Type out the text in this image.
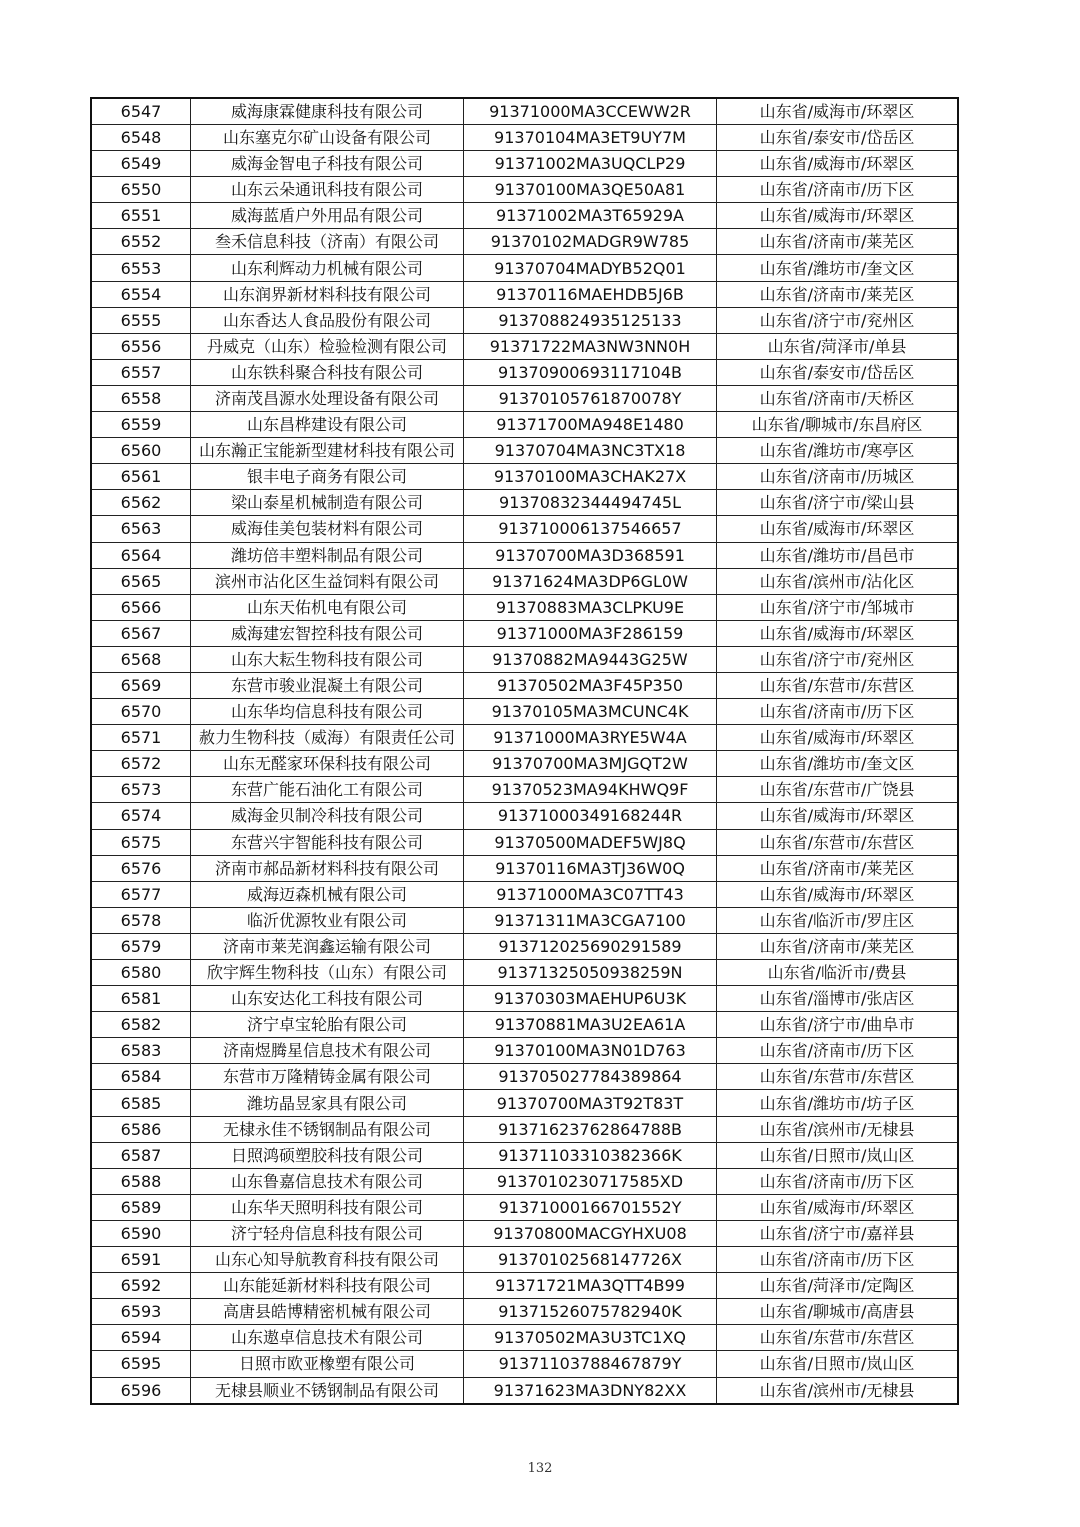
6547	威海康霖健康科技有限公司	91371000MA3CCEWW2R	山东省/威海市/环翠区
6548	山东塞克尔矿山设备有限公司	91370104MA3ET9UY7M	山东省/泰安市/岱岳区
6549	威海金智电子科技有限公司	91371002MA3UQCLP29	山东省/威海市/环翠区
6550	山东云朵通讯科技有限公司	91370100MA3QE50A81	山东省/济南市/历下区
6551	威海蓝盾户外用品有限公司	91371002MA3T65929A	山东省/威海市/环翠区
6552	叁禾信息科技（济南）有限公司	91370102MADGR9W785	山东省/济南市/莱芜区
6553	山东利辉动力机械有限公司	91370704MADYB52Q01	山东省/潍坊市/奎文区
6554	山东润界新材料科技有限公司	91370116MAEHDB5J6B	山东省/济南市/莱芜区
6555	山东香达人食品股份有限公司	913708824935125133	山东省/济宁市/兖州区
6556	丹威克（山东）检验检测有限公司	91371722MA3NW3NN0H	山东省/菏泽市/单县
6557	山东铁科聚合科技有限公司	91370900693117104B	山东省/泰安市/岱岳区
6558	济南茂昌源水处理设备有限公司	91370105761870078Y	山东省/济南市/天桥区
6559	山东昌桦建设有限公司	91371700MA948E1480	山东省/聊城市/东昌府区
6560	山东瀚正宝能新型建材科技有限公司	91370704MA3NC3TX18	山东省/潍坊市/寒亭区
6561	银丰电子商务有限公司	91370100MA3CHAK27X	山东省/济南市/历城区
6562	梁山泰星机械制造有限公司	91370832344494745L	山东省/济宁市/梁山县
6563	威海佳美包装材料有限公司	913710006137546657	山东省/威海市/环翠区
6564	潍坊倍丰塑料制品有限公司	91370700MA3D368591	山东省/潍坊市/昌邑市
6565	滨州市沾化区生益饲料有限公司	91371624MA3DP6GL0W	山东省/滨州市/沾化区
6566	山东天佑机电有限公司	91370883MA3CLPKU9E	山东省/济宁市/邹城市
6567	威海建宏智控科技有限公司	91371000MA3F286159	山东省/威海市/环翠区
6568	山东大耘生物科技有限公司	91370882MA9443G25W	山东省/济宁市/兖州区
6569	东营市骏业混凝土有限公司	91370502MA3F45P350	山东省/东营市/东营区
6570	山东华均信息科技有限公司	91370105MA3MCUNC4K	山东省/济南市/历下区
6571	赦力生物科技（威海）有限责任公司	91371000MA3RYE5W4A	山东省/威海市/环翠区
6572	山东无醛家环保科技有限公司	91370700MA3MJGQT2W	山东省/潍坊市/奎文区
6573	东营广能石油化工有限公司	91370523MA94KHWQ9F	山东省/东营市/广饶县
6574	威海金贝制冷科技有限公司	91371000349168244R	山东省/威海市/环翠区
6575	东营兴宇智能科技有限公司	91370500MADEF5WJ8Q	山东省/东营市/东营区
6576	济南市郝品新材料科技有限公司	91370116MA3TJ36W0Q	山东省/济南市/莱芜区
6577	威海迈森机械有限公司	91371000MA3C07TT43	山东省/威海市/环翠区
6578	临沂优源牧业有限公司	91371311MA3CGA7100	山东省/临沂市/罗庄区
6579	济南市莱芜润鑫运输有限公司	913712025690291589	山东省/济南市/莱芜区
6580	欣宇辉生物科技（山东）有限公司	91371325050938259N	山东省/临沂市/费县
6581	山东安达化工科技有限公司	91370303MAEHUP6U3K	山东省/淄博市/张店区
6582	济宁卓宝轮胎有限公司	91370881MA3U2EA61A	山东省/济宁市/曲阜市
6583	济南煜腾星信息技术有限公司	91370100MA3N01D763	山东省/济南市/历下区
6584	东营市万隆精铸金属有限公司	913705027784389864	山东省/东营市/东营区
6585	潍坊晶昱家具有限公司	91370700MA3T92T83T	山东省/潍坊市/坊子区
6586	无棣永佳不锈钢制品有限公司	91371623762864788B	山东省/滨州市/无棣县
6587	日照鸿硕塑胶科技有限公司	91371103310382366K	山东省/日照市/岚山区
6588	山东鲁嘉信息技术有限公司	9137010230717585XD	山东省/济南市/历下区
6589	山东华天照明科技有限公司	91371000166701552Y	山东省/威海市/环翠区
6590	济宁轻舟信息科技有限公司	91370800MACGYHXU08	山东省/济宁市/嘉祥县
6591	山东心知导航教育科技有限公司	91370102568147726X	山东省/济南市/历下区
6592	山东能延新材料科技有限公司	91371721MA3QTT4B99	山东省/菏泽市/定陶区
6593	高唐县皓博精密机械有限公司	91371526075782940K	山东省/聊城市/高唐县
6594	山东遨卓信息技术有限公司	91370502MA3U3TC1XQ	山东省/东营市/东营区
6595	日照市欧亚橡塑有限公司	91371103788467879Y	山东省/日照市/岚山区
6596	无棣县顺业不锈钢制品有限公司	91371623MA3DNY82XX	山东省/滨州市/无棣县
132
